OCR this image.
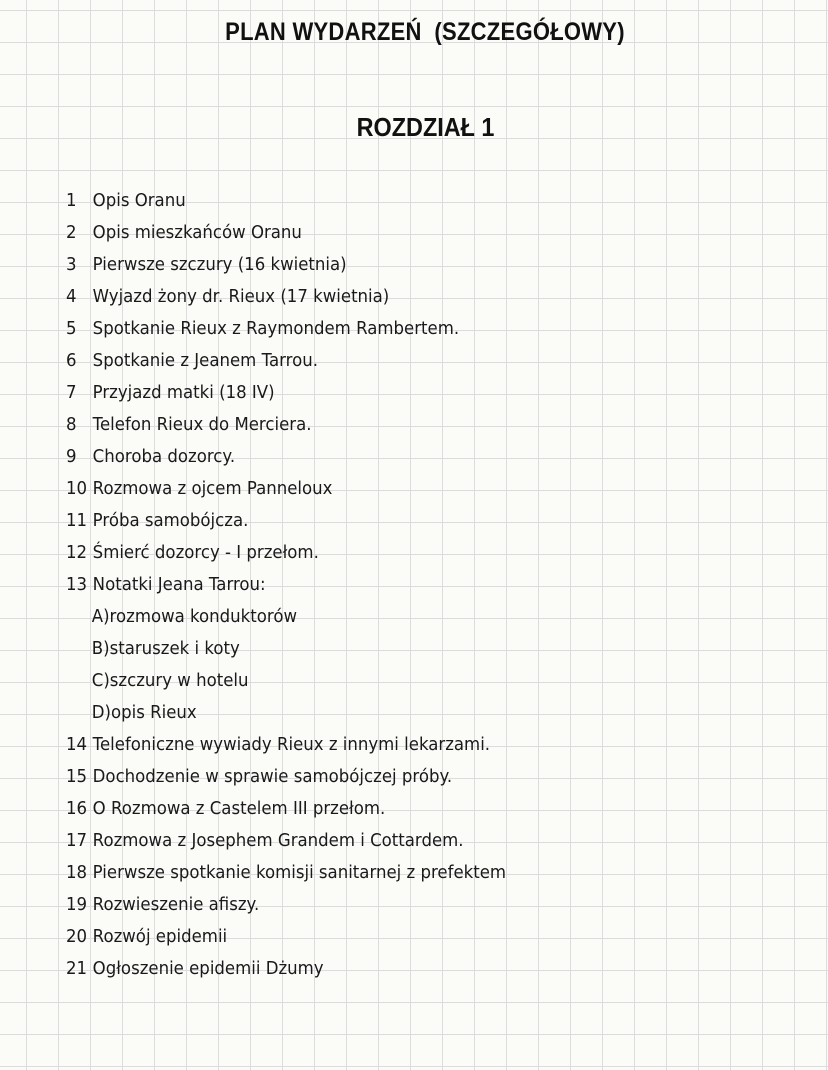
PLAN WYDARZEŃ  (SZCZEGÓŁOWY)
ROZDZIAŁ 1
1 Opis Oranu
2 Opis mieszkańców Oranu
3 Pierwsze szczury (16 kwietnia)
4 Wyjazd żony dr. Rieux (17 kwietnia)
5 Spotkanie Rieux z Raymondem Rambertem.
6 Spotkanie z Jeanem Tarrou.
7 Przyjazd matki (18 IV)
8 Telefon Rieux do Merciera.
9 Choroba dozorcy.
10 Rozmowa z ojcem Panneloux
11 Próba samobójcza.
12 Śmierć dozorcy - I przełom.
13 Notatki Jeana Tarrou:
A)rozmowa konduktorów
B)staruszek i koty
C)szczury w hotelu
D)opis Rieux
14 Telefoniczne wywiady Rieux z innymi lekarzami.
15 Dochodzenie w sprawie samobójczej próby.
16 O Rozmowa z Castelem III przełom.
17 Rozmowa z Josephem Grandem i Cottardem.
18 Pierwsze spotkanie komisji sanitarnej z prefektem
19 Rozwieszenie afiszy.
20 Rozwój epidemii
21 Ogłoszenie epidemii Dżumy
